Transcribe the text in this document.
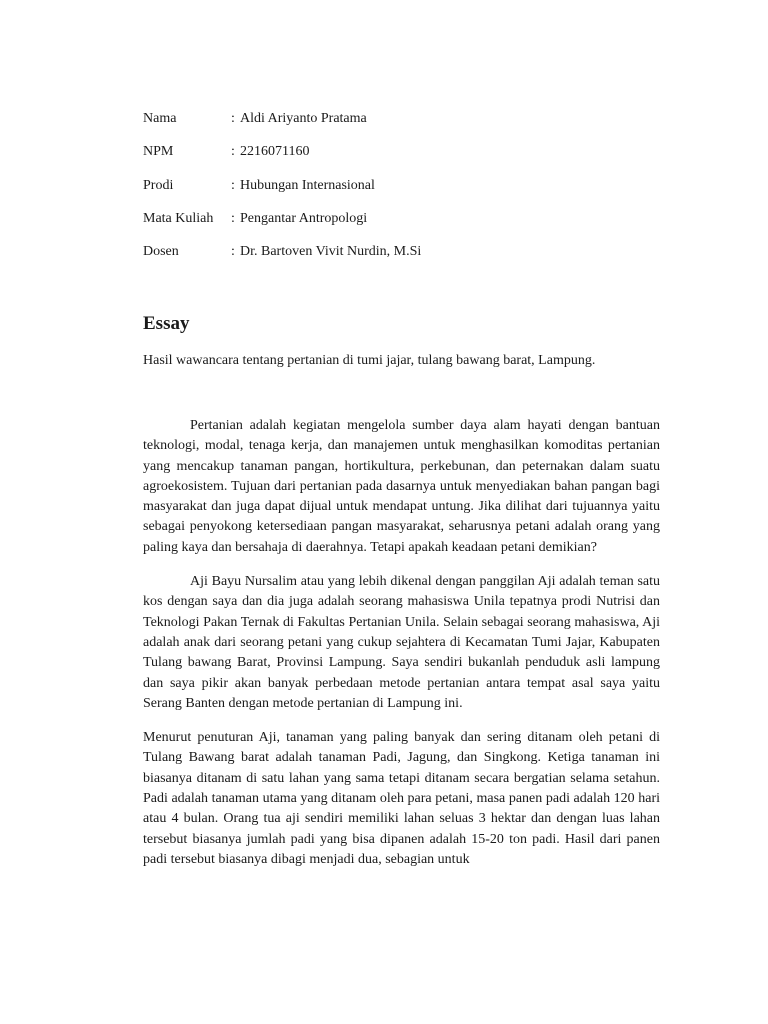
Nama	: Aldi Ariyanto Pratama
NPM	: 2216071160
Prodi	: Hubungan Internasional
Mata Kuliah	: Pengantar Antropologi
Dosen	: Dr. Bartoven Vivit Nurdin, M.Si
Essay
Hasil wawancara tentang pertanian di tumi jajar, tulang bawang barat, Lampung.

Pertanian adalah kegiatan mengelola sumber daya alam hayati dengan bantuan teknologi, modal, tenaga kerja, dan manajemen untuk menghasilkan komoditas pertanian yang mencakup tanaman pangan, hortikultura, perkebunan, dan peternakan dalam suatu agroekosistem. Tujuan dari pertanian pada dasarnya untuk menyediakan bahan pangan bagi masyarakat dan juga dapat dijual untuk mendapat untung. Jika dilihat dari tujuannya yaitu sebagai penyokong ketersediaan pangan masyarakat, seharusnya petani adalah orang yang paling kaya dan bersahaja di daerahnya. Tetapi apakah keadaan petani demikian?

Aji Bayu Nursalim atau yang lebih dikenal dengan panggilan Aji adalah teman satu kos dengan saya dan dia juga adalah seorang mahasiswa Unila tepatnya prodi Nutrisi dan Teknologi Pakan Ternak di Fakultas Pertanian Unila. Selain sebagai seorang mahasiswa, Aji adalah anak dari seorang petani yang cukup sejahtera di Kecamatan Tumi Jajar, Kabupaten Tulang bawang Barat, Provinsi Lampung. Saya sendiri bukanlah penduduk asli lampung dan saya pikir akan banyak perbedaan metode pertanian antara tempat asal saya yaitu Serang Banten dengan metode pertanian di Lampung ini.

Menurut penuturan Aji, tanaman yang paling banyak dan sering ditanam oleh petani di Tulang Bawang barat adalah tanaman Padi, Jagung, dan Singkong. Ketiga tanaman ini biasanya ditanam di satu lahan yang sama tetapi ditanam secara bergatian selama setahun. Padi adalah tanaman utama yang ditanam oleh para petani, masa panen padi adalah 120 hari atau 4 bulan. Orang tua aji sendiri memiliki lahan seluas 3 hektar dan dengan luas lahan tersebut biasanya jumlah padi yang bisa dipanen adalah 15-20 ton padi. Hasil dari panen padi tersebut biasanya dibagi menjadi dua, sebagian untuk
